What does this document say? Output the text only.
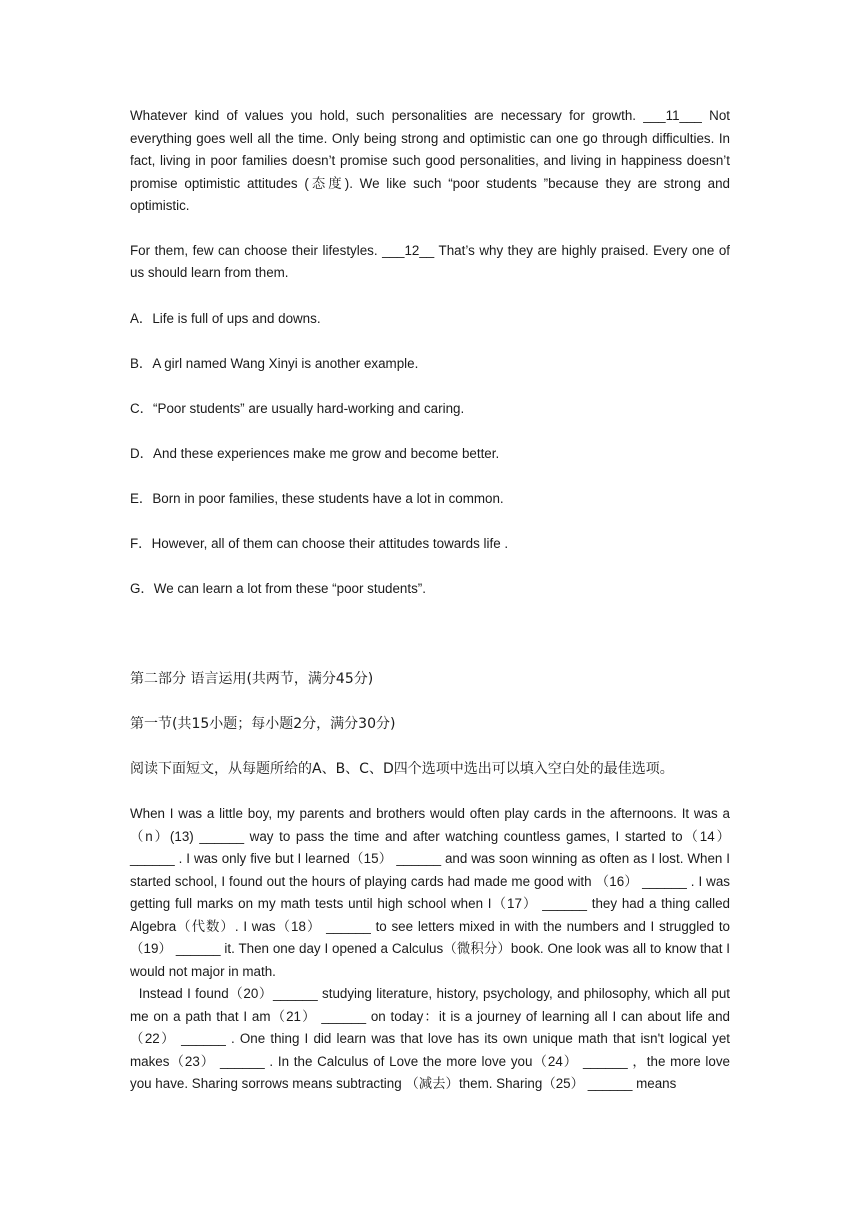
Whatever kind of values you hold, such personalities are necessary for growth. ___11___ Not everything goes well all the time. Only being strong and optimistic can one go through difficulties. In fact, living in poor families doesn’t promise such good personalities, and living in happiness doesn’t promise optimistic attitudes (态度). We like such “poor students ”because they are strong and optimistic.

For them, few can choose their lifestyles. ___12__ That’s why they are highly praised. Every one of us should learn from them.

A．Life is full of ups and downs.

B．A girl named Wang Xinyi is another example.

C．“Poor students” are usually hard-working and caring.

D．And these experiences make me grow and become better.

E．Born in poor families, these students have a lot in common.

F．However, all of them can choose their attitudes towards life .

G．We can learn a lot from these “poor students”.

第二部分 语言运用(共两节，满分45分)

第一节(共15小题；每小题2分，满分30分)

阅读下面短文，从每题所给的A、B、C、D四个选项中选出可以填入空白处的最佳选项。

When I was a little boy, my parents and brothers would often play cards in the afternoons. It was a（n）(13) ______ way to pass the time and after watching countless games, I started to（14） ______ . I was only five but I learned（15） ______ and was soon winning as often as I lost. When I started school, I found out the hours of playing cards had made me good with （16） ______ . I was getting full marks on my math tests until high school when I（17） ______ they had a thing called Algebra（代数）. I was（18） ______ to see letters mixed in with the numbers and I struggled to（19） ______ it. Then one day I opened a Calculus（微积分）book. One look was all to know that I would not major in math.

Instead I found（20）______ studying literature, history, psychology, and philosophy, which all put me on a path that I am（21） ______ on today：it is a journey of learning all I can about life and（22） ______ . One thing I did learn was that love has its own unique math that isn't logical yet makes（23） ______ . In the Calculus of Love the more love you（24） ______ ，the more love you have. Sharing sorrows means subtracting （减去）them. Sharing（25） ______ means
